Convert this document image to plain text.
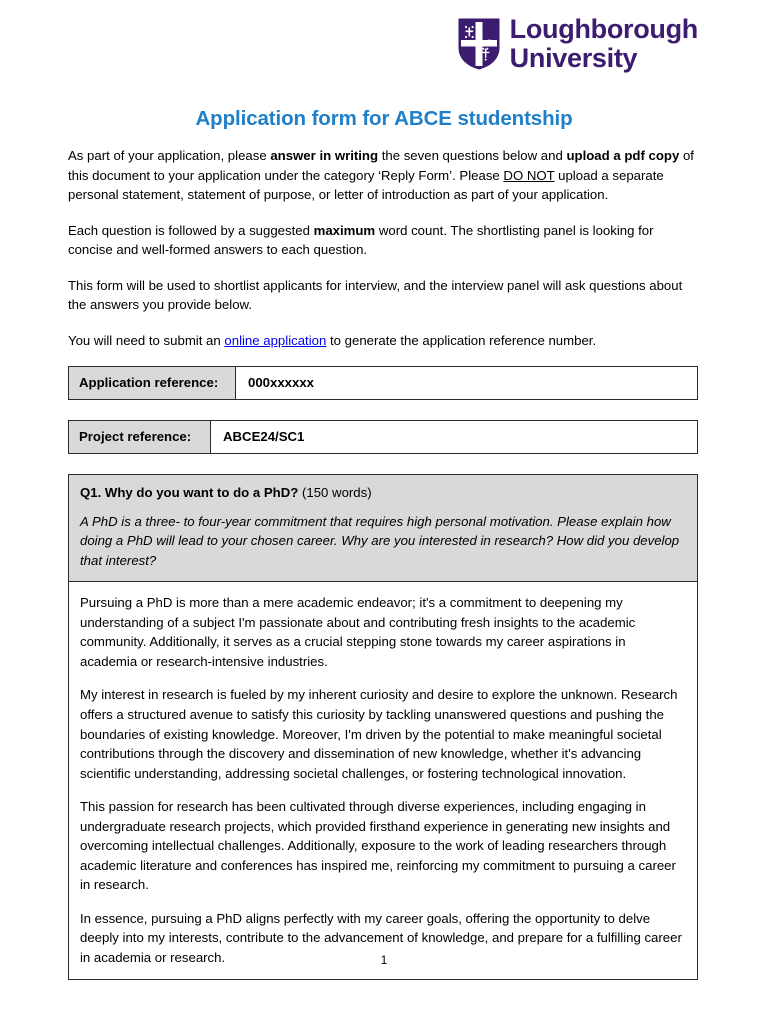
Loughborough
University
Application form for ABCE studentship

As part of your application, please answer in writing the seven questions below and upload a pdf copy of this document to your application under the category ‘Reply Form’. Please DO NOT upload a separate personal statement, statement of purpose, or letter of introduction as part of your application.

Each question is followed by a suggested maximum word count. The shortlisting panel is looking for concise and well-formed answers to each question.

This form will be used to shortlist applicants for interview, and the interview panel will ask questions about the answers you provide below.

You will need to submit an online application to generate the application reference number.

Application reference:	000xxxxxx
Project reference:	ABCE24/SC1

Q1. Why do you want to do a PhD? (150 words)

A PhD is a three- to four-year commitment that requires high personal motivation. Please explain how doing a PhD will lead to your chosen career. Why are you interested in research? How did you develop that interest?

Pursuing a PhD is more than a mere academic endeavor; it's a commitment to deepening my understanding of a subject I'm passionate about and contributing fresh insights to the academic community. Additionally, it serves as a crucial stepping stone towards my career aspirations in academia or research-intensive industries.

My interest in research is fueled by my inherent curiosity and desire to explore the unknown. Research offers a structured avenue to satisfy this curiosity by tackling unanswered questions and pushing the boundaries of existing knowledge. Moreover, I'm driven by the potential to make meaningful societal contributions through the discovery and dissemination of new knowledge, whether it's advancing scientific understanding, addressing societal challenges, or fostering technological innovation.

This passion for research has been cultivated through diverse experiences, including engaging in undergraduate research projects, which provided firsthand experience in generating new insights and overcoming intellectual challenges. Additionally, exposure to the work of leading researchers through academic literature and conferences has inspired me, reinforcing my commitment to pursuing a career in research.

In essence, pursuing a PhD aligns perfectly with my career goals, offering the opportunity to delve deeply into my interests, contribute to the advancement of knowledge, and prepare for a fulfilling career in academia or research.	1
